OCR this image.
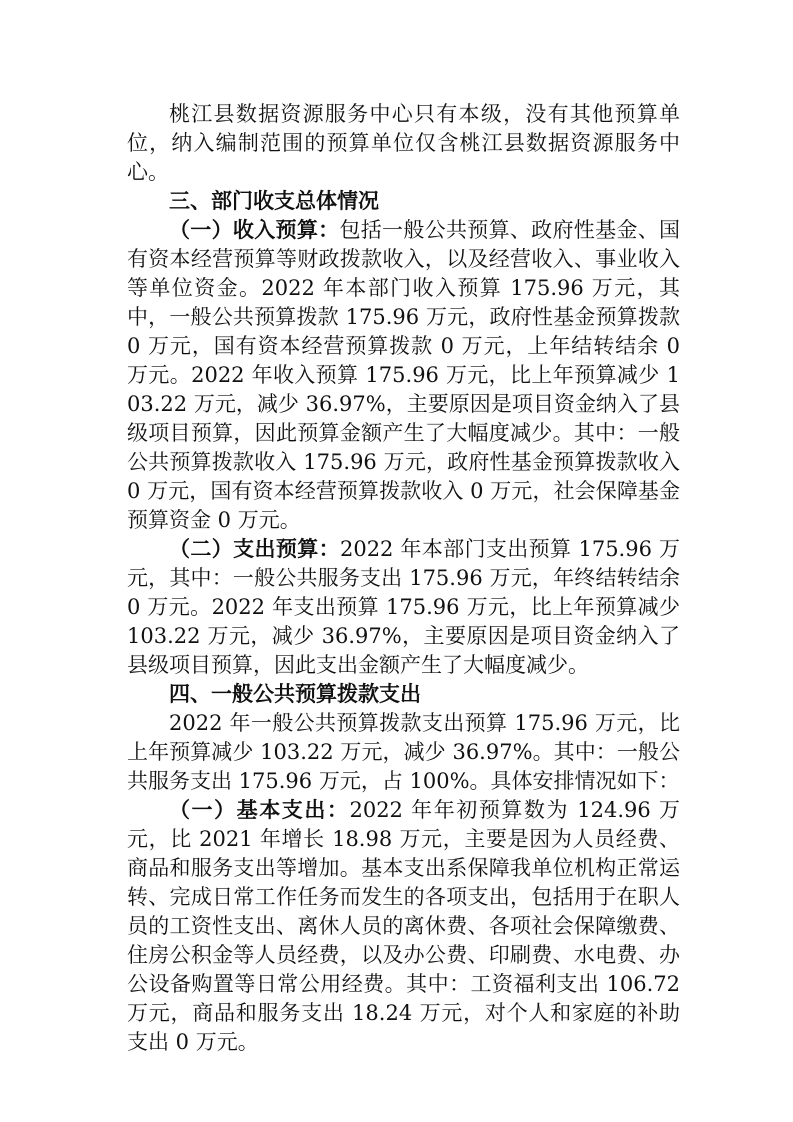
桃江县数据资源服务中心只有本级，没有其他预算单位，纳入编制范围的预算单位仅含桃江县数据资源服务中心。

三、部门收支总体情况

（一）收入预算：包括一般公共预算、政府性基金、国有资本经营预算等财政拨款收入，以及经营收入、事业收入等单位资金。2022 年本部门收入预算 175.96 万元，其中，一般公共预算拨款 175.96 万元，政府性基金预算拨款 0 万元，国有资本经营预算拨款 0 万元，上年结转结余 0 万元。2022 年收入预算 175.96 万元，比上年预算减少 103.22 万元，减少 36.97%，主要原因是项目资金纳入了县级项目预算，因此预算金额产生了大幅度减少。其中：一般公共预算拨款收入 175.96 万元，政府性基金预算拨款收入 0 万元，国有资本经营预算拨款收入 0 万元，社会保障基金预算资金 0 万元。

（二）支出预算：2022 年本部门支出预算 175.96 万元，其中：一般公共服务支出 175.96 万元，年终结转结余 0 万元。2022 年支出预算 175.96 万元，比上年预算减少 103.22 万元，减少 36.97%，主要原因是项目资金纳入了县级项目预算，因此支出金额产生了大幅度减少。

四、一般公共预算拨款支出

2022 年一般公共预算拨款支出预算 175.96 万元，比上年预算减少 103.22 万元，减少 36.97%。其中：一般公共服务支出 175.96 万元，占 100%。具体安排情况如下：

（一）基本支出：2022 年年初预算数为 124.96 万元，比 2021 年增长 18.98 万元，主要是因为人员经费、商品和服务支出等增加。基本支出系保障我单位机构正常运转、完成日常工作任务而发生的各项支出，包括用于在职人员的工资性支出、离休人员的离休费、各项社会保障缴费、住房公积金等人员经费，以及办公费、印刷费、水电费、办公设备购置等日常公用经费。其中：工资福利支出 106.72 万元，商品和服务支出 18.24 万元，对个人和家庭的补助支出 0 万元。
